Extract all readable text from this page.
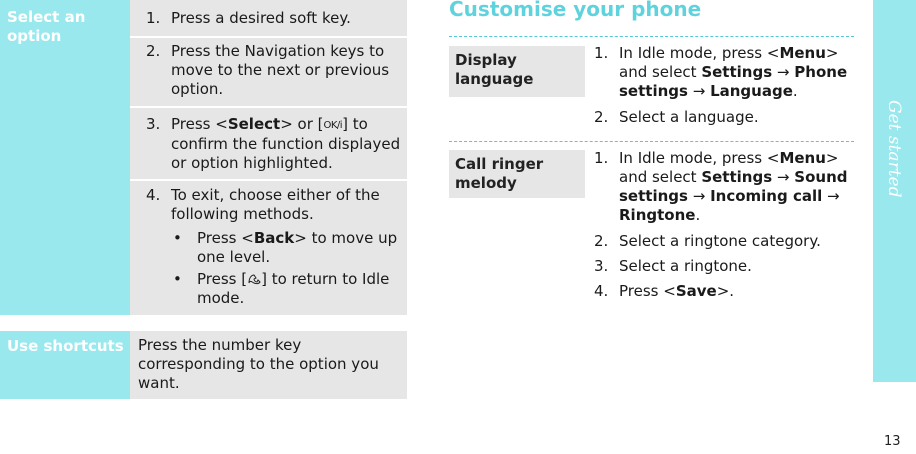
Select an option
1. Press a desired soft key.
2. Press the Navigation keys to move to the next or previous option.
3. Press <Select> or [OK/i] to confirm the function displayed or option highlighted.
4. To exit, choose either of the following methods.
• Press <Back> to move up one level.
• Press [ ] to return to Idle mode.
Use shortcuts Press the number key corresponding to the option you want.
Customise your phone
Display language
1. In Idle mode, press <Menu> and select Settings → Phone settings → Language.
2. Select a language.
Call ringer melody
1. In Idle mode, press <Menu> and select Settings → Sound settings → Incoming call → Ringtone.
2. Select a ringtone category.
3. Select a ringtone.
4. Press <Save>.
Get started
13
